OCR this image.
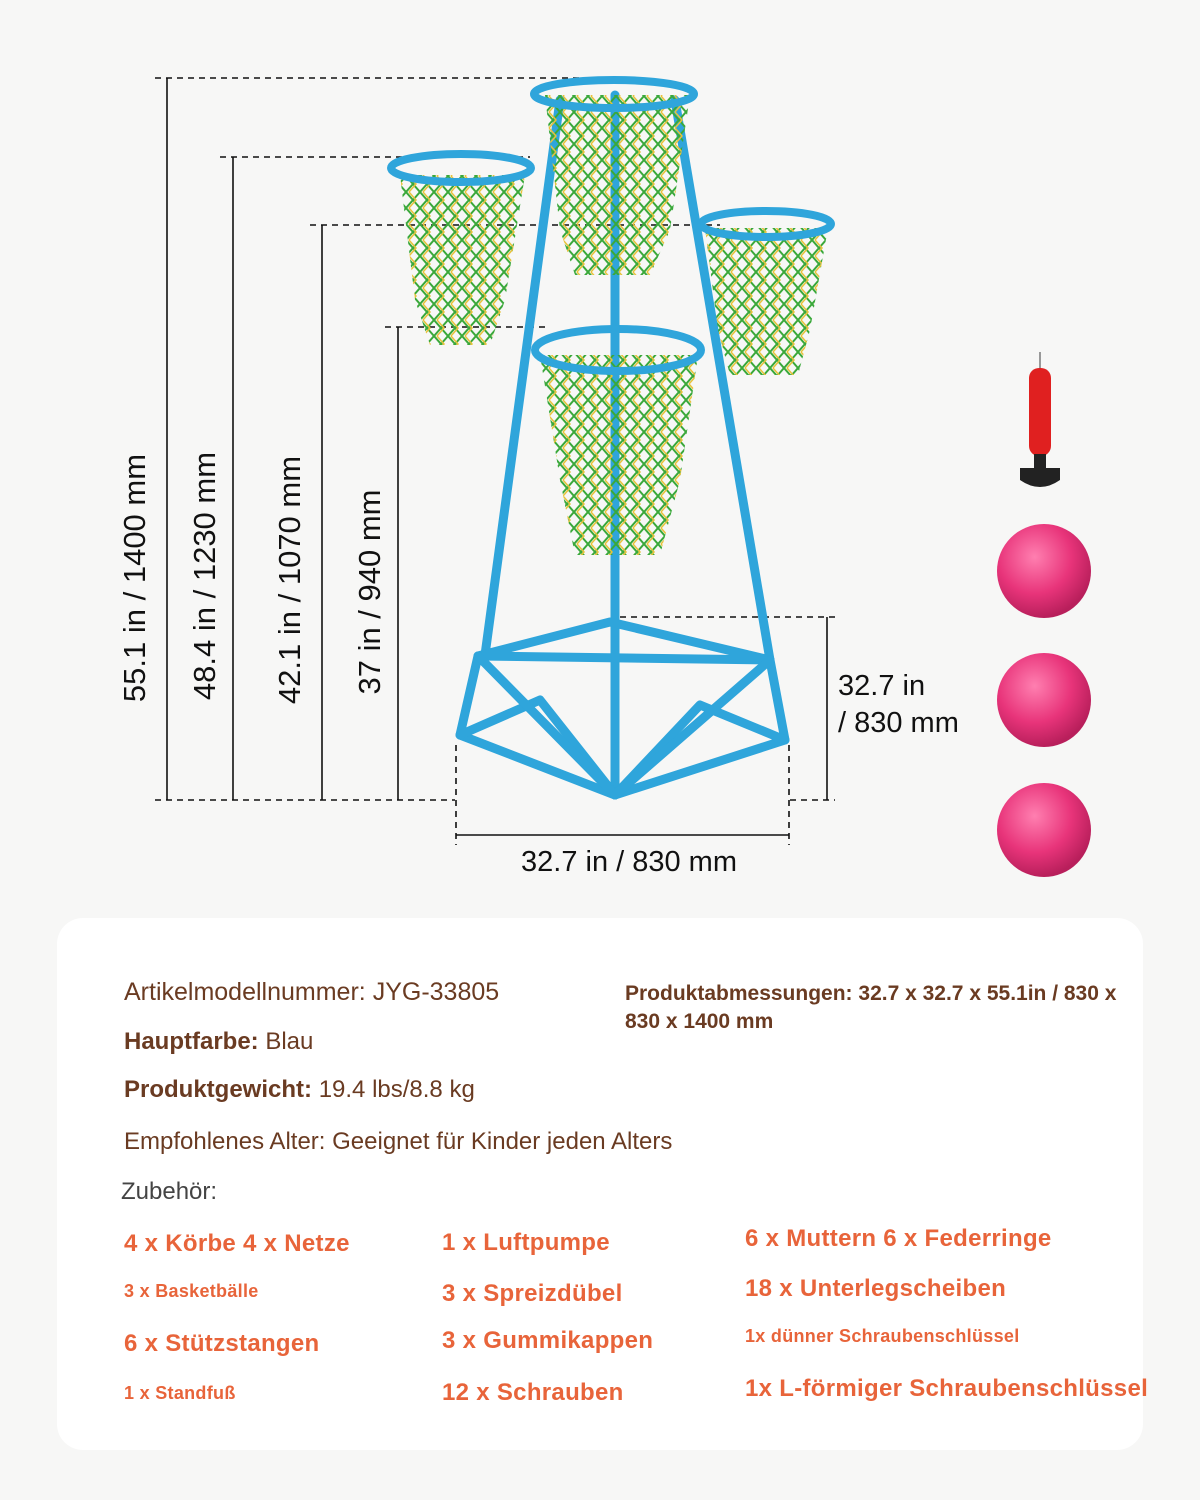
55.1 in / 1400 mm 48.4 in / 1230 mm 42.1 in / 1070 mm 37 in / 940 mm	32.7 in
/ 830 mm
32.7 in / 830 mm
Artikelmodellnummer: JYG-33805
Hauptfarbe: Blau
Produktgewicht: 19.4 lbs/8.8 kg
Empfohlenes Alter: Geeignet für Kinder jeden Alters
Produktabmessungen: 32.7 x 32.7 x 55.1in / 830 x
830 x 1400 mm
Zubehör:
4 x Körbe 4 x Netze
3 x Basketbälle
6 x Stützstangen
1 x Standfuß
1 x Luftpumpe
3 x Spreizdübel
3 x Gummikappen
12 x Schrauben
6 x Muttern 6 x Federringe
18 x Unterlegscheiben
1x dünner Schraubenschlüssel
1x L-förmiger Schraubenschlüssel
